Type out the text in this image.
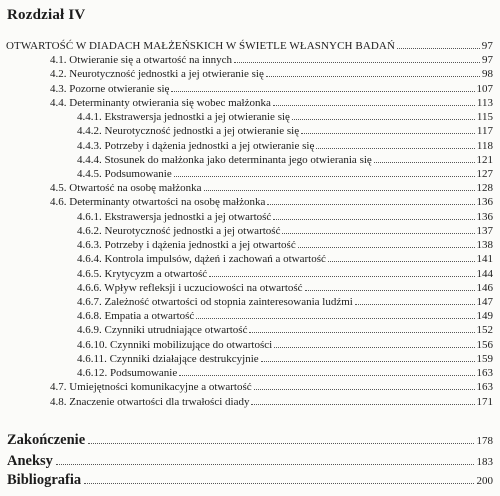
Rozdział IV
OTWARTOŚĆ W DIADACH MAŁŻEŃSKICH W ŚWIETLE WŁASNYCH BADAŃ	97
4.1. Otwieranie się a otwartość na innych	97
4.2. Neurotyczność jednostki a jej otwieranie się	98
4.3. Pozorne otwieranie się	107
4.4. Determinanty otwierania się wobec małżonka	113
4.4.1. Ekstrawersja jednostki a jej otwieranie się	115
4.4.2. Neurotyczność jednostki a jej otwieranie się	117
4.4.3. Potrzeby i dążenia jednostki a jej otwieranie się	118
4.4.4. Stosunek do małżonka jako determinanta jego otwierania się	121
4.4.5. Podsumowanie	127
4.5. Otwartość na osobę małżonka	128
4.6. Determinanty otwartości na osobę małżonka	136
4.6.1. Ekstrawersja jednostki a jej otwartość	136
4.6.2. Neurotyczność jednostki a jej otwartość	137
4.6.3. Potrzeby i dążenia jednostki a jej otwartość	138
4.6.4. Kontrola impulsów, dążeń i zachowań a otwartość	141
4.6.5. Krytycyzm a otwartość	144
4.6.6. Wpływ refleksji i uczuciowości na otwartość	146
4.6.7. Zależność otwartości od stopnia zainteresowania ludźmi	147
4.6.8. Empatia a otwartość	149
4.6.9. Czynniki utrudniające otwartość	152
4.6.10. Czynniki mobilizujące do otwartości	156
4.6.11. Czynniki działające destrukcyjnie	159
4.6.12. Podsumowanie	163
4.7. Umiejętności komunikacyjne a otwartość	163
4.8. Znaczenie otwartości dla trwałości diady	171
Zakończenie	178
Aneksy	183
Bibliografia	200
